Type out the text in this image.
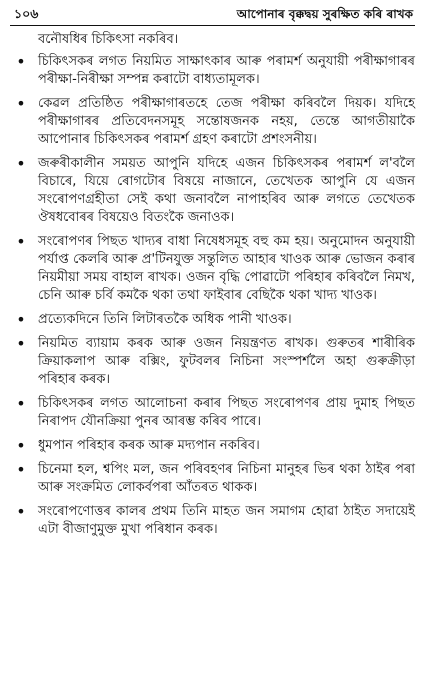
১০৬	আপোনাৰ বৃক্কদ্বয় সুৰক্ষিত কৰি ৰাখক

বনৌষধিৰ চিকিৎসা নকৰিব।

• চিকিৎসকৰ লগত নিয়মিত সাক্ষাৎকাৰ আৰু পৰামৰ্শ অনুযায়ী পৰীক্ষাগাৰৰ পৰীক্ষা-নিৰীক্ষা সম্পন্ন কৰাটো বাধ্যতামূলক।
• কেৱল প্ৰতিষ্ঠিত পৰীক্ষাগাৰতহে তেজ পৰীক্ষা কৰিবলৈ দিয়ক। যদিহে পৰীক্ষাগাৰৰ প্ৰতিবেদনসমূহ সন্তোষজনক নহয়, তেন্তে আগতীয়াকৈ আপোনাৰ চিকিৎসকৰ পৰামৰ্শ গ্ৰহণ কৰাটো প্ৰশংসনীয়।
• জৰুৰীকালীন সময়ত আপুনি যদিহে এজন চিকিৎসকৰ পৰামৰ্শ ল'বলৈ বিচাৰে, যিয়ে ৰোগটোৰ বিষয়ে নাজানে, তেখেতক আপুনি যে এজন সংৰোপণগ্ৰহীতা সেই কথা জনাবলৈ নাপাহৰিব আৰু লগতে তেখেতক ঔষধবোৰৰ বিষয়েও বিতংকৈ জনাওক।
• সংৰোপণৰ পিছত খাদ্যৰ বাধা নিষেধসমূহ বহু কম হয়। অনুমোদন অনুযায়ী পৰ্যাপ্ত কেলৰি আৰু প্ৰ'টিনযুক্ত সন্তুলিত আহাৰ খাওক আৰু ভোজন কৰাৰ নিয়মীয়া সময় বাহাল ৰাখক। ওজন বৃদ্ধি পোৱাটো পৰিহাৰ কৰিবলৈ নিমখ, চেনি আৰু চৰ্বি কমকৈ থকা তথা ফাইবাৰ বেছিকৈ থকা খাদ্য খাওক।
• প্ৰত্যেকদিনে তিনি লিটাৰতকৈ অধিক পানী খাওক।
• নিয়মিত ব্যায়াম কৰক আৰু ওজন নিয়ন্ত্ৰণত ৰাখক। গুৰুতৰ শাৰীৰিক ক্ৰিয়াকলাপ আৰু বক্সিং, ফুটবলৰ নিচিনা সংস্পৰ্শলৈ অহা গুৰুক্ৰীড়া পৰিহাৰ কৰক।
• চিকিৎসকৰ লগত আলোচনা কৰাৰ পিছত সংৰোপণৰ প্ৰায় দুমাহ পিছত নিৰাপদ যৌনক্ৰিয়া পুনৰ আৰম্ভ কৰিব পাৰে।
• ধুমপান পৰিহাৰ কৰক আৰু মদ্যপান নকৰিব।
• চিনেমা হল, শ্বপিং মল, জন পৰিবহণৰ নিচিনা মানুহৰ ভিৰ থকা ঠাইৰ পৰা আৰু সংক্ৰমিত লোকৰ্বপৰা আঁতৰত থাকক।
• সংৰোপণোত্তৰ কালৰ প্ৰথম তিনি মাহত জন সমাগম হোৱা ঠাইত সদায়েই এটা বীজাণুমুক্ত মুখা পৰিধান কৰক।
